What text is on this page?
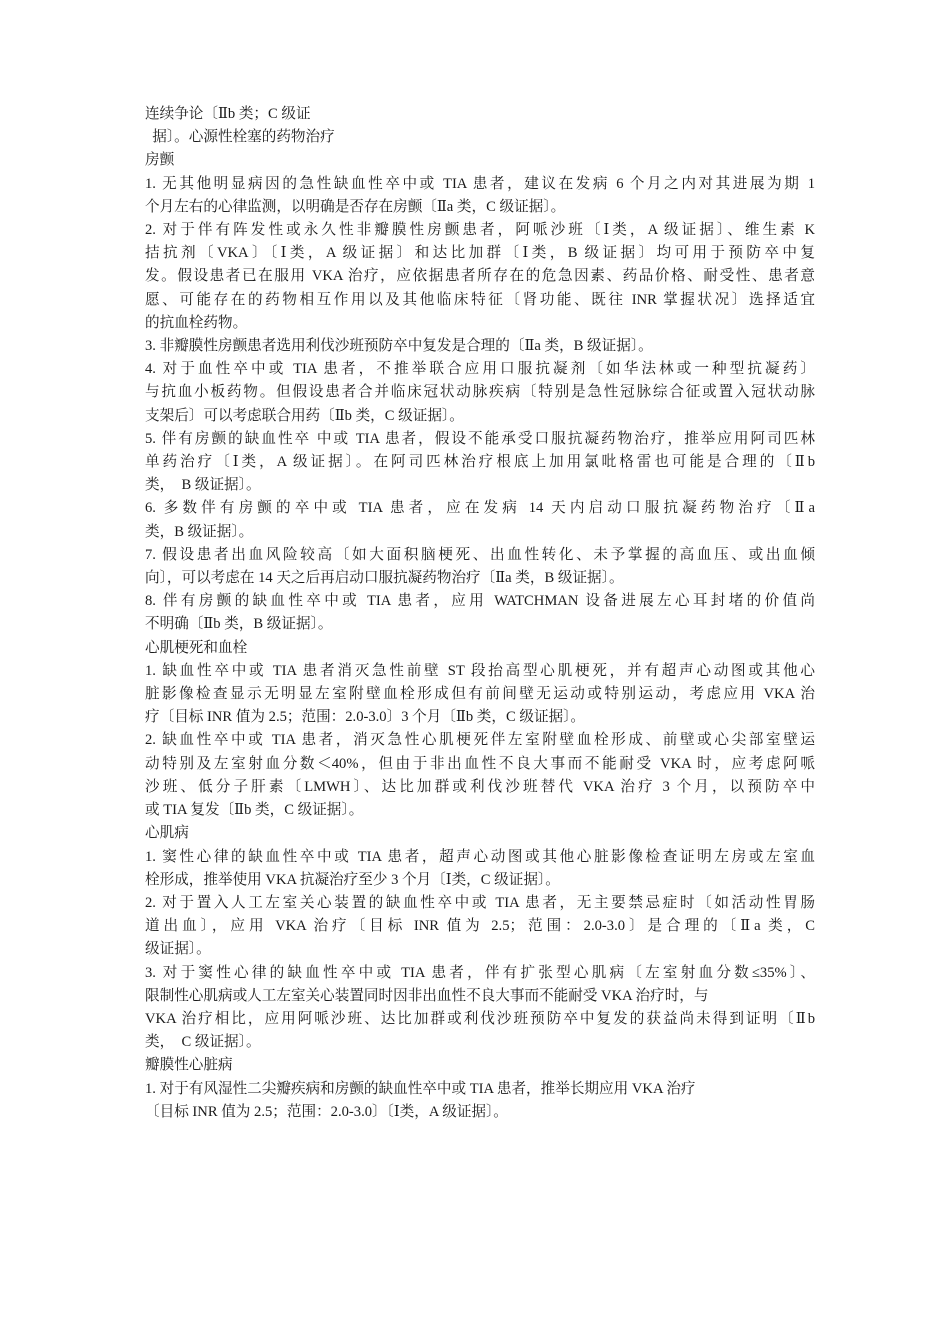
连续争论〔Ⅱb 类；C 级证
据〕。心源性栓塞的药物治疗
房颤
1. 无其他明显病因的急性缺血性卒中或 TIA 患者，建议在发病 6 个月之内对其进展为期 1
个月左右的心律监测，以明确是否存在房颤〔Ⅱa 类，C 级证据〕。
2. 对于伴有阵发性或永久性非瓣膜性房颤患者，阿哌沙班〔Ⅰ类，A 级证据〕、维生素 K
拮抗剂〔VKA〕〔Ⅰ类，A 级证据〕和达比加群〔Ⅰ类，B 级证据〕均可用于预防卒中复
发。假设患者已在服用 VKA 治疗，应依据患者所存在的危急因素、药品价格、耐受性、患者意
愿、可能存在的药物相互作用以及其他临床特征〔肾功能、既往 INR 掌握状况〕选择适宜
的抗血栓药物。
3. 非瓣膜性房颤患者选用利伐沙班预防卒中复发是合理的〔Ⅱa 类，B 级证据〕。
4. 对于血性卒中或 TIA 患者，不推举联合应用口服抗凝剂〔如华法林或一种型抗凝药〕
与抗血小板药物。但假设患者合并临床冠状动脉疾病〔特别是急性冠脉综合征或置入冠状动脉
支架后〕可以考虑联合用药〔Ⅱb 类，C 级证据〕。
5. 伴有房颤的缺血性卒 中或 TIA 患者，假设不能承受口服抗凝药物治疗，推举应用阿司匹林
单药治疗〔Ⅰ类，A 级证据〕。在阿司匹林治疗根底上加用氯吡格雷也可能是合理的〔Ⅱb
类，  B 级证据〕。
6. 多数伴有房颤的卒中或 TIA 患者，应在发病 14 天内启动口服抗凝药物治疗〔Ⅱa
类，B 级证据〕。
7. 假设患者出血风险较高〔如大面积脑梗死、出血性转化、未予掌握的高血压、或出血倾
向〕，可以考虑在 14 天之后再启动口服抗凝药物治疗〔Ⅱa 类，B 级证据〕。
8. 伴有房颤的缺血性卒中或 TIA 患者，应用 WATCHMAN 设备进展左心耳封堵的价值尚
不明确〔Ⅱb 类，B 级证据〕。
心肌梗死和血栓
1. 缺血性卒中或 TIA 患者消灭急性前壁 ST 段抬高型心肌梗死，并有超声心动图或其他心
脏影像检查显示无明显左室附壁血栓形成但有前间壁无运动或特别运动，考虑应用 VKA 治
疗〔目标 INR 值为 2.5；范围：2.0-3.0〕3 个月〔Ⅱb 类，C 级证据〕。
2. 缺血性卒中或 TIA 患者，消灭急性心肌梗死伴左室附壁血栓形成、前壁或心尖部室壁运
动特别及左室射血分数＜40%，但由于非出血性不良大事而不能耐受 VKA 时，应考虑阿哌
沙班、低分子肝素〔LMWH〕、达比加群或利伐沙班替代 VKA 治疗 3 个月，以预防卒中
或 TIA 复发〔Ⅱb 类，C 级证据〕。
心肌病
1. 窦性心律的缺血性卒中或 TIA 患者，超声心动图或其他心脏影像检查证明左房或左室血
栓形成，推举使用 VKA 抗凝治疗至少 3 个月〔Ⅰ类，C 级证据〕。
2. 对于置入人工左室关心装置的缺血性卒中或 TIA 患者，无主要禁忌症时〔如活动性胃肠
道出血〕，应用 VKA 治疗〔目标 INR 值为 2.5；范围：2.0-3.0〕是合理的〔Ⅱa 类，C
级证据〕。
3. 对于窦性心律的缺血性卒中或 TIA 患者，伴有扩张型心肌病〔左室射血分数≤35%〕、
限制性心肌病或人工左室关心装置同时因非出血性不良大事而不能耐受 VKA 治疗时，与
VKA 治疗相比，应用阿哌沙班、达比加群或利伐沙班预防卒中复发的获益尚未得到证明〔Ⅱb
类，  C 级证据〕。
瓣膜性心脏病
1. 对于有风湿性二尖瓣疾病和房颤的缺血性卒中或 TIA 患者，推举长期应用 VKA 治疗
〔目标 INR 值为 2.5；范围：2.0-3.0〕〔Ⅰ类，A 级证据〕。
